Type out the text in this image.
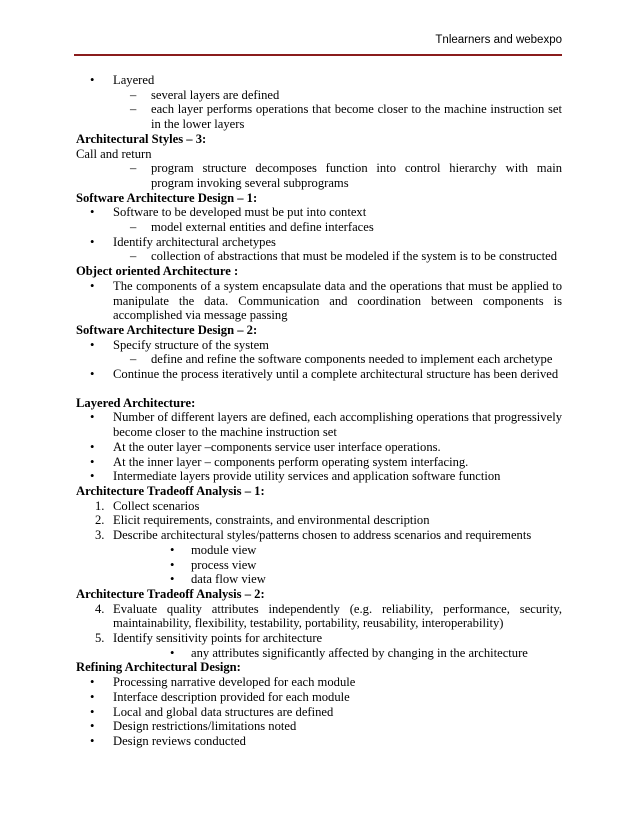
Tnlearners and webexpo
• Layered
– several layers are defined
– each layer performs operations that become closer to the machine instruction set in the lower layers
Architectural Styles – 3:
Call and return
– program structure decomposes function into control hierarchy with main program invoking several subprograms
Software Architecture Design – 1:
• Software to be developed must be put into context
– model external entities and define interfaces
• Identify architectural archetypes
– collection of abstractions that must be modeled if the system is to be constructed
Object oriented Architecture :
• The components of a system encapsulate data and the operations that must be applied to manipulate the data. Communication and coordination between components is accomplished via message passing
Software Architecture Design – 2:
• Specify structure of the system
– define and refine the software components needed to implement each archetype
• Continue the process iteratively until a complete architectural structure has been derived
Layered Architecture:
• Number of different layers are defined, each accomplishing operations that progressively become closer to the machine instruction set
• At the outer layer –components service user interface operations.
• At the inner layer – components perform operating system interfacing.
• Intermediate layers provide utility services and application software function
Architecture Tradeoff Analysis – 1:
1. Collect scenarios
2. Elicit requirements, constraints, and environmental description
3. Describe architectural styles/patterns chosen to address scenarios and requirements
• module view
• process view
• data flow view
Architecture Tradeoff Analysis – 2:
4. Evaluate quality attributes independently (e.g. reliability, performance, security, maintainability, flexibility, testability, portability, reusability, interoperability)
5. Identify sensitivity points for architecture
• any attributes significantly affected by changing in the architecture
Refining Architectural Design:
• Processing narrative developed for each module
• Interface description provided for each module
• Local and global data structures are defined
• Design restrictions/limitations noted
• Design reviews conducted
